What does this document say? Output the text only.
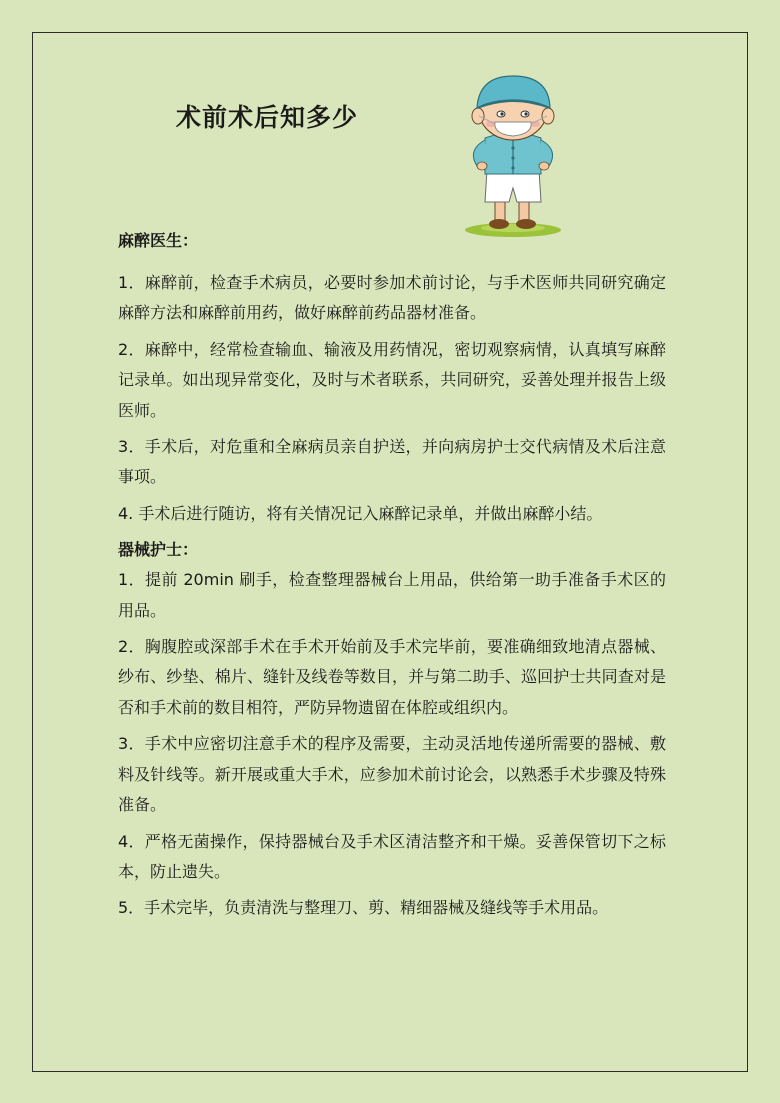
术前术后知多少

麻醉医生：

1．麻醉前，检查手术病员，必要时参加术前讨论，与手术医师共同研究确定麻醉方法和麻醉前用药，做好麻醉前药品器材准备。

2．麻醉中，经常检查输血、输液及用药情况，密切观察病情，认真填写麻醉记录单。如出现异常变化，及时与术者联系，共同研究，妥善处理并报告上级医师。

3．手术后，对危重和全麻病员亲自护送，并向病房护士交代病情及术后注意事项。

4. 手术后进行随访，将有关情况记入麻醉记录单，并做出麻醉小结。

器械护士：

1．提前 20min 刷手，检查整理器械台上用品，供给第一助手准备手术区的用品。

2．胸腹腔或深部手术在手术开始前及手术完毕前，要准确细致地清点器械、纱布、纱垫、棉片、缝针及线卷等数目，并与第二助手、巡回护士共同查对是否和手术前的数目相符，严防异物遗留在体腔或组织内。

3．手术中应密切注意手术的程序及需要，主动灵活地传递所需要的器械、敷料及针线等。新开展或重大手术，应参加术前讨论会，以熟悉手术步骤及特殊准备。

4．严格无菌操作，保持器械台及手术区清洁整齐和干燥。妥善保管切下之标本，防止遗失。

5．手术完毕，负责清洗与整理刀、剪、精细器械及缝线等手术用品。
